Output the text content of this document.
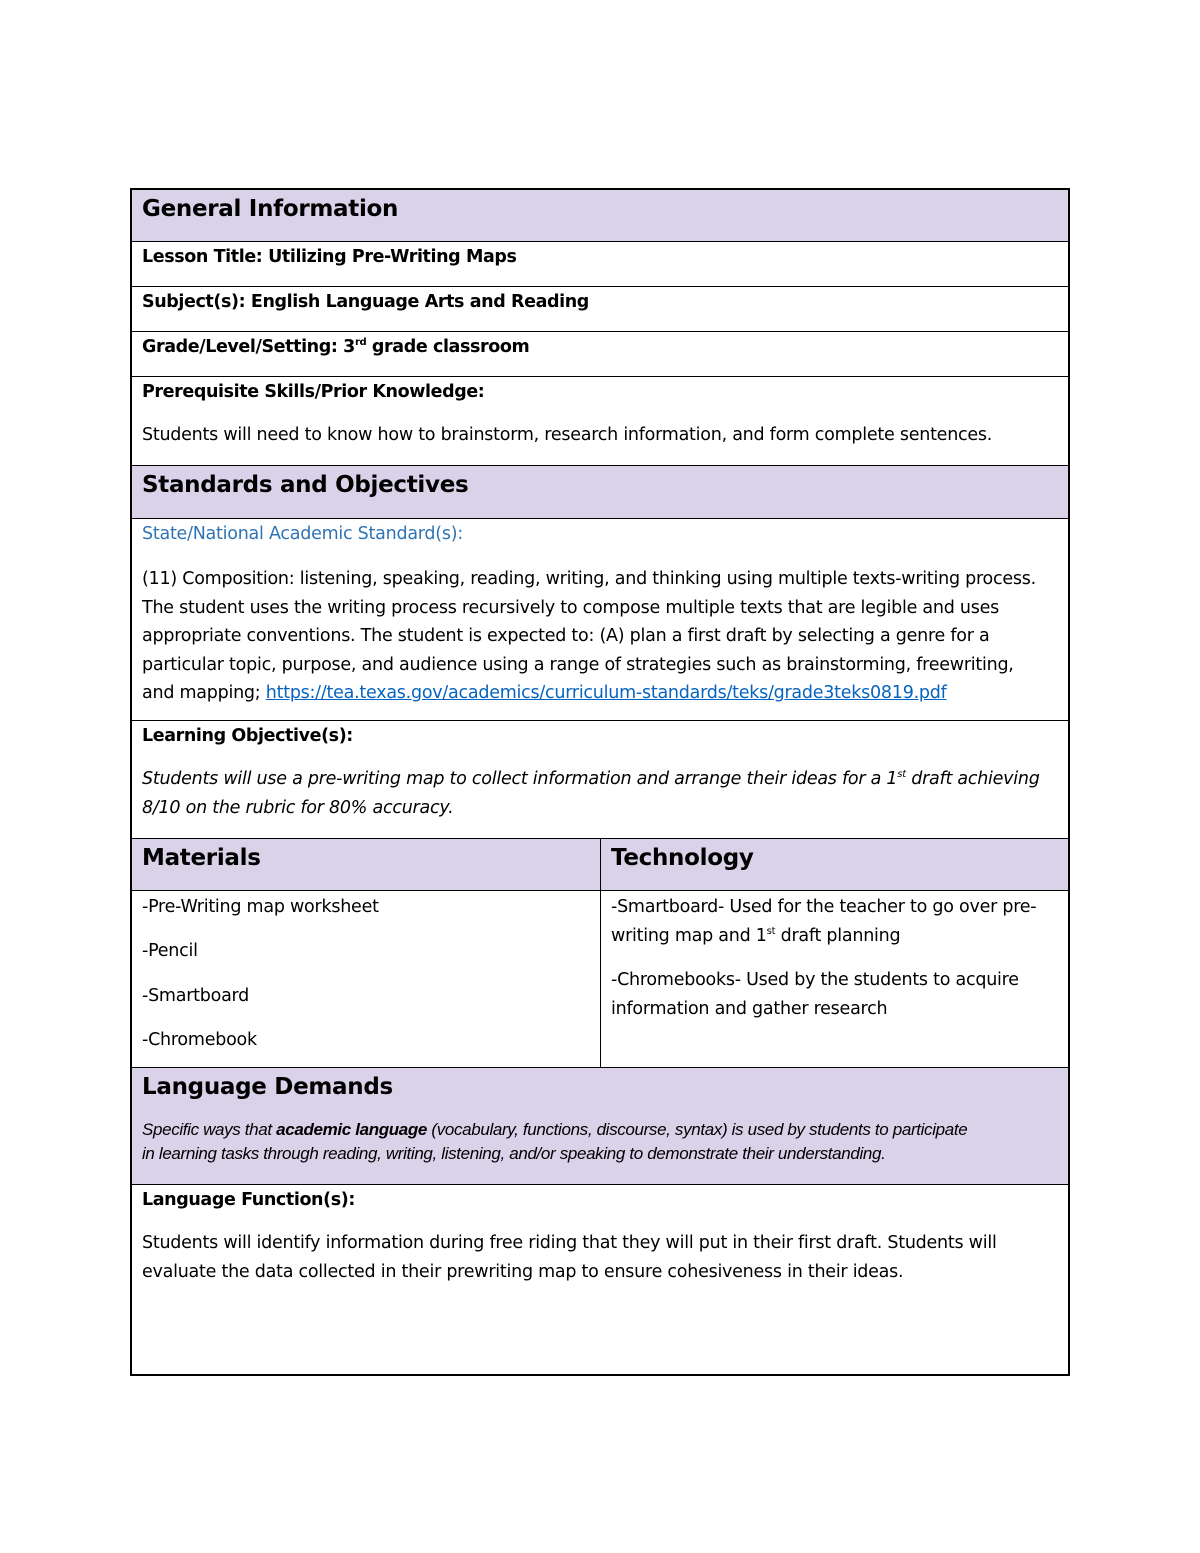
General Information
Lesson Title: Utilizing Pre-Writing Maps
Subject(s): English Language Arts and Reading
Grade/Level/Setting: 3rd grade classroom
Prerequisite Skills/Prior Knowledge:
Students will need to know how to brainstorm, research information, and form complete sentences.
Standards and Objectives
State/National Academic Standard(s):
(11) Composition: listening, speaking, reading, writing, and thinking using multiple texts-writing process.
The student uses the writing process recursively to compose multiple texts that are legible and uses
appropriate conventions. The student is expected to: (A) plan a first draft by selecting a genre for a
particular topic, purpose, and audience using a range of strategies such as brainstorming, freewriting,
and mapping; https://tea.texas.gov/academics/curriculum-standards/teks/grade3teks0819.pdf
Learning Objective(s):
Students will use a pre-writing map to collect information and arrange their ideas for a 1st draft achieving
8/10 on the rubric for 80% accuracy.
Materials	Technology
-Pre-Writing map worksheet
-Pencil
-Smartboard
-Chromebook
-Smartboard- Used for the teacher to go over pre-
writing map and 1st draft planning
-Chromebooks- Used by the students to acquire
information and gather research
Language Demands
Specific ways that academic language (vocabulary, functions, discourse, syntax) is used by students to participate
in learning tasks through reading, writing, listening, and/or speaking to demonstrate their understanding.
Language Function(s):
Students will identify information during free riding that they will put in their first draft. Students will
evaluate the data collected in their prewriting map to ensure cohesiveness in their ideas.
